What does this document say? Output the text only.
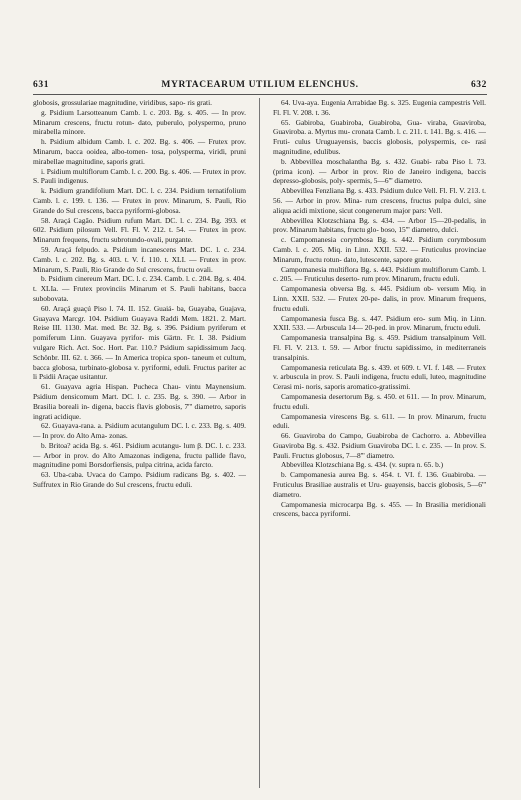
631	MYRTACEARUM UTILIUM ELENCHUS.	632

globosis, grossulariae magnitudine, viridibus, sapo- ris grati.

g. Psidium Larsotteanum Camb. l. c. 203. Bg. s. 405. — In prov. Minarum crescens, fructu rotun- dato, puberulo, polyspermo, pruno mirabella minore.

h. Psidium albidum Camb. l. c. 202. Bg. s. 406. — Frutex prov. Minarum, bacca ooidea, albo-tomen- tosa, polysperma, viridi, pruni mirabellae magnitudine, saporis grati.

i. Psidium multiflorum Camb. l. c. 200. Bg. s. 406. — Frutex in prov. S. Pauli indigenus.

k. Psidium grandifolium Mart. DC. l. c. 234. Psidium ternatifolium Camb. l. c. 199. t. 136. — Frutex in prov. Minarum, S. Pauli, Rio Grande do Sul crescens, bacca pyriformi-globosa.

58. Araçá Cagão. Psidium rufum Mart. DC. l. c. 234. Bg. 393. et 602. Psidium pilosum Vell. Fl. Fl. V. 212. t. 54. — Frutex in prov. Minarum frequens, fructu subrotundo-ovali, purgante.

59. Araçá felpudo. a. Psidium incanescens Mart. DC. l. c. 234. Camb. l. c. 202. Bg. s. 403. t. V. f. 110. t. XLI. — Frutex in prov. Minarum, S. Pauli, Rio Grande do Sul crescens, fructu ovali.

b. Psidium cinereum Mart. DC. l. c. 234. Camb. l. c. 204. Bg. s. 404. t. XLIa. — Frutex provinciis Minarum et S. Pauli habitans, bacca subobovata.

60. Araçá guaçú Piso l. 74. II. 152. Guaiá- ba, Guayaba, Guajava, Guayava Marcgr. 104. Psidium Guayava Raddi Mem. 1821. 2. Mart. Reise III. 1130. Mat. med. Br. 32. Bg. s. 396. Psidium pyriferum et pomiferum Linn. Guayava pyrifor- mis Gärtn. Fr. I. 38. Psidium vulgare Rich. Act. Soc. Hort. Par. 110.? Psidium sapidissimum Jacq. Schönbr. III. 62. t. 366. — In America tropica spon- taneum et cultum, bacca globosa, turbinato-globosa v. pyriformi, eduli. Fructus pariter ac li Psidii Araçae usitantur.

61. Guayava agria Hispan. Pucheca Chau- vintu Maynensium. Psidium densicomum Mart. DC. l. c. 235. Bg. s. 390. — Arbor in Brasilia boreali in- digena, baccis flavis globosis, 7''' diametro, saporis ingrati acidique.

62. Guayava-rana. a. Psidium acutangulum DC. l. c. 233. Bg. s. 409. — In prov. do Alto Ama- zonas.

b. Britoa? acida Bg. s. 461. Psidium acutangu- lum β. DC. l. c. 233. — Arbor in prov. do Alto Amazonas indigena, fructu pallide flavo, magnitudine pomi Borsdorfiensis, pulpa citrina, acida farcto.

63. Uba-caba. Uvaca do Campo. Psidium radicans Bg. s. 402. — Suffrutex in Rio Grande do Sul crescens, fructu eduli.

64. Uva-aya. Eugenia Arrabidae Bg. s. 325. Eugenia campestris Vell. Fl. Fl. V. 208. t. 36.

65. Gabiroba, Guabiroba, Guabiroba, Gua- viraba, Guaviroba, Guaviroba. a. Myrtus mu- cronata Camb. l. c. 211. t. 141. Bg. s. 416. — Fruti- culus Uruguayensis, baccis globosis, polyspermis, ce- rasi magnitudine, edulibus.

b. Abbevillea moschalantha Bg. s. 432. Guabi- raba Piso l. 73. (prima icon). — Arbor in prov. Rio de Janeiro indigena, baccis depresso-globosis, poly- spermis, 5—6''' diametro.

Abbevillea Fenzliana Bg. s. 433. Psidium dulce Vell. Fl. Fl. V. 213. t. 56. — Arbor in prov. Mina- rum crescens, fructus pulpa dulci, sine aliqua acidi mixtione, sicut congenerum major pars: Vell.

Abbevillea Klotzschiana Bg. s. 434. — Arbor 15—20-pedalis, in prov. Minarum habitans, fructu glo- boso, 15''' diametro, dulci.

c. Campomanesia corymbosa Bg. s. 442. Psidium corymbosum Camb. l. c. 205. Miq. in Linn. XXII. 532. — Fruticulus provinciae Minarum, fructu rotun- dato, lutescente, sapore grato.

Campomanesia multiflora Bg. s. 443. Psidium multiflorum Camb. l. c. 205. — Fruticulus deserto- rum prov. Minarum, fructu eduli.

Campomanesia obversa Bg. s. 445. Psidium ob- versum Miq. in Linn. XXII. 532. — Frutex 20-pe- dalis, in prov. Minarum frequens, fructu eduli.

Campomanesia fusca Bg. s. 447. Psidium ero- sum Miq. in Linn. XXII. 533. — Arbuscula 14— 20-ped. in prov. Minarum, fructu eduli.

Campomanesia transalpina Bg. s. 459. Psidium transalpinum Vell. Fl. Fl. V. 213. t. 59. — Arbor fructu sapidissimo, in mediterraneis transalpinis.

Campomanesia reticulata Bg. s. 439. et 609. t. VI. f. 148. — Frutex v. arbuscula in prov. S. Pauli indigena, fructu eduli, luteo, magnitudine Cerasi mi- noris, saporis aromatico-gratissimi.

Campomanesia desertorum Bg. s. 450. et 611. — In prov. Minarum, fructu eduli.

Campomanesia virescens Bg. s. 611. — In prov. Minarum, fructu eduli.

66. Guaviroba do Campo, Guabiroba de Cachorro. a. Abbevillea Guaviroba Bg. s. 432. Psidium Guaviroba DC. l. c. 235. — In prov. S. Pauli. Fructus globosus, 7—8''' diametro.

Abbevillea Klotzschiana Bg. s. 434. (v. supra n. 65. b.)

b. Campomanesia aurea Bg. s. 454. t. VI. f. 136. Guabiroba. — Fruticulus Brasiliae australis et Uru- guayensis, baccis globosis, 5—6''' diametro.

Campomanesia microcarpa Bg. s. 455. — In Brasilia meridionali crescens, bacca pyriformi.
